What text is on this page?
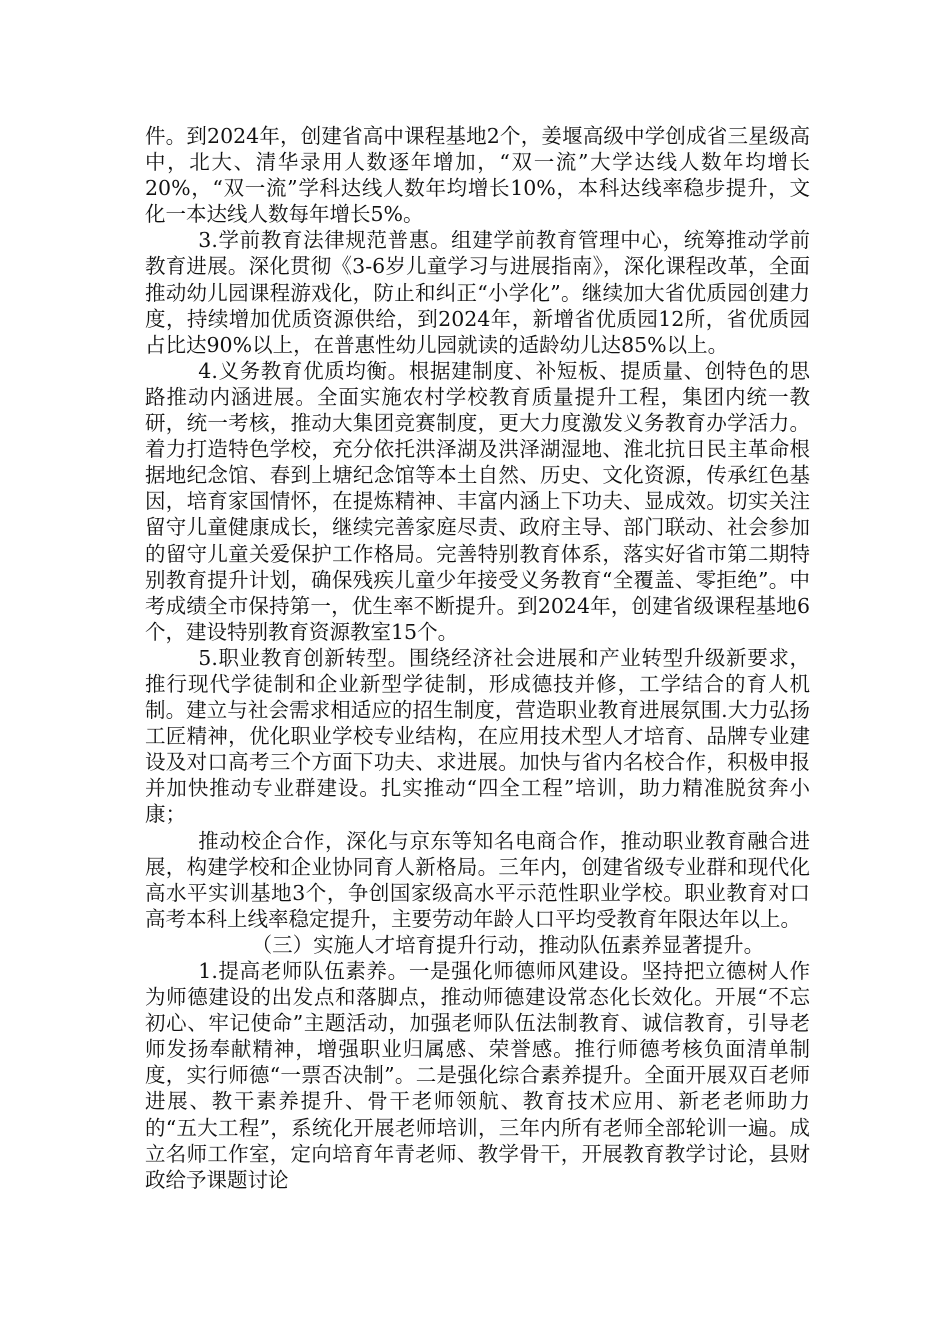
件。到2024年，创建省高中课程基地2个，姜堰高级中学创成省三星级高中，北大、清华录用人数逐年增加，“双一流”大学达线人数年均增长20%，“双一流”学科达线人数年均增长10%，本科达线率稳步提升，文化一本达线人数每年增长5%。

3.学前教育法律规范普惠。组建学前教育管理中心，统筹推动学前教育进展。深化贯彻《3-6岁儿童学习与进展指南》，深化课程改革，全面推动幼儿园课程游戏化，防止和纠正“小学化”。继续加大省优质园创建力度，持续增加优质资源供给，到2024年，新增省优质园12所，省优质园占比达90%以上，在普惠性幼儿园就读的适龄幼儿达85%以上。

4.义务教育优质均衡。根据建制度、补短板、提质量、创特色的思路推动内涵进展。全面实施农村学校教育质量提升工程，集团内统一教研，统一考核，推动大集团竞赛制度，更大力度激发义务教育办学活力。着力打造特色学校，充分依托洪泽湖及洪泽湖湿地、淮北抗日民主革命根据地纪念馆、春到上塘纪念馆等本土自然、历史、文化资源，传承红色基因，培育家国情怀，在提炼精神、丰富内涵上下功夫、显成效。切实关注留守儿童健康成长，继续完善家庭尽责、政府主导、部门联动、社会参加的留守儿童关爱保护工作格局。完善特别教育体系，落实好省市第二期特别教育提升计划，确保残疾儿童少年接受义务教育“全覆盖、零拒绝”。中考成绩全市保持第一，优生率不断提升。到2024年，创建省级课程基地6个，建设特别教育资源教室15个。

5.职业教育创新转型。围绕经济社会进展和产业转型升级新要求，推行现代学徒制和企业新型学徒制，形成德技并修，工学结合的育人机制。建立与社会需求相适应的招生制度，营造职业教育进展氛围.大力弘扬工匠精神，优化职业学校专业结构，在应用技术型人才培育、品牌专业建设及对口高考三个方面下功夫、求进展。加快与省内名校合作，积极申报并加快推动专业群建设。扎实推动“四全工程”培训，助力精准脱贫奔小康；

推动校企合作，深化与京东等知名电商合作，推动职业教育融合进展，构建学校和企业协同育人新格局。三年内，创建省级专业群和现代化高水平实训基地3个，争创国家级高水平示范性职业学校。职业教育对口高考本科上线率稳定提升，主要劳动年龄人口平均受教育年限达年以上。

（三）实施人才培育提升行动，推动队伍素养显著提升。

1.提高老师队伍素养。一是强化师德师风建设。坚持把立德树人作为师德建设的出发点和落脚点，推动师德建设常态化长效化。开展“不忘初心、牢记使命”主题活动，加强老师队伍法制教育、诚信教育，引导老师发扬奉献精神，增强职业归属感、荣誉感。推行师德考核负面清单制度，实行师德“一票否决制”。二是强化综合素养提升。全面开展双百老师进展、教干素养提升、骨干老师领航、教育技术应用、新老老师助力的“五大工程”，系统化开展老师培训，三年内所有老师全部轮训一遍。成立名师工作室，定向培育年青老师、教学骨干，开展教育教学讨论，县财政给予课题讨论
